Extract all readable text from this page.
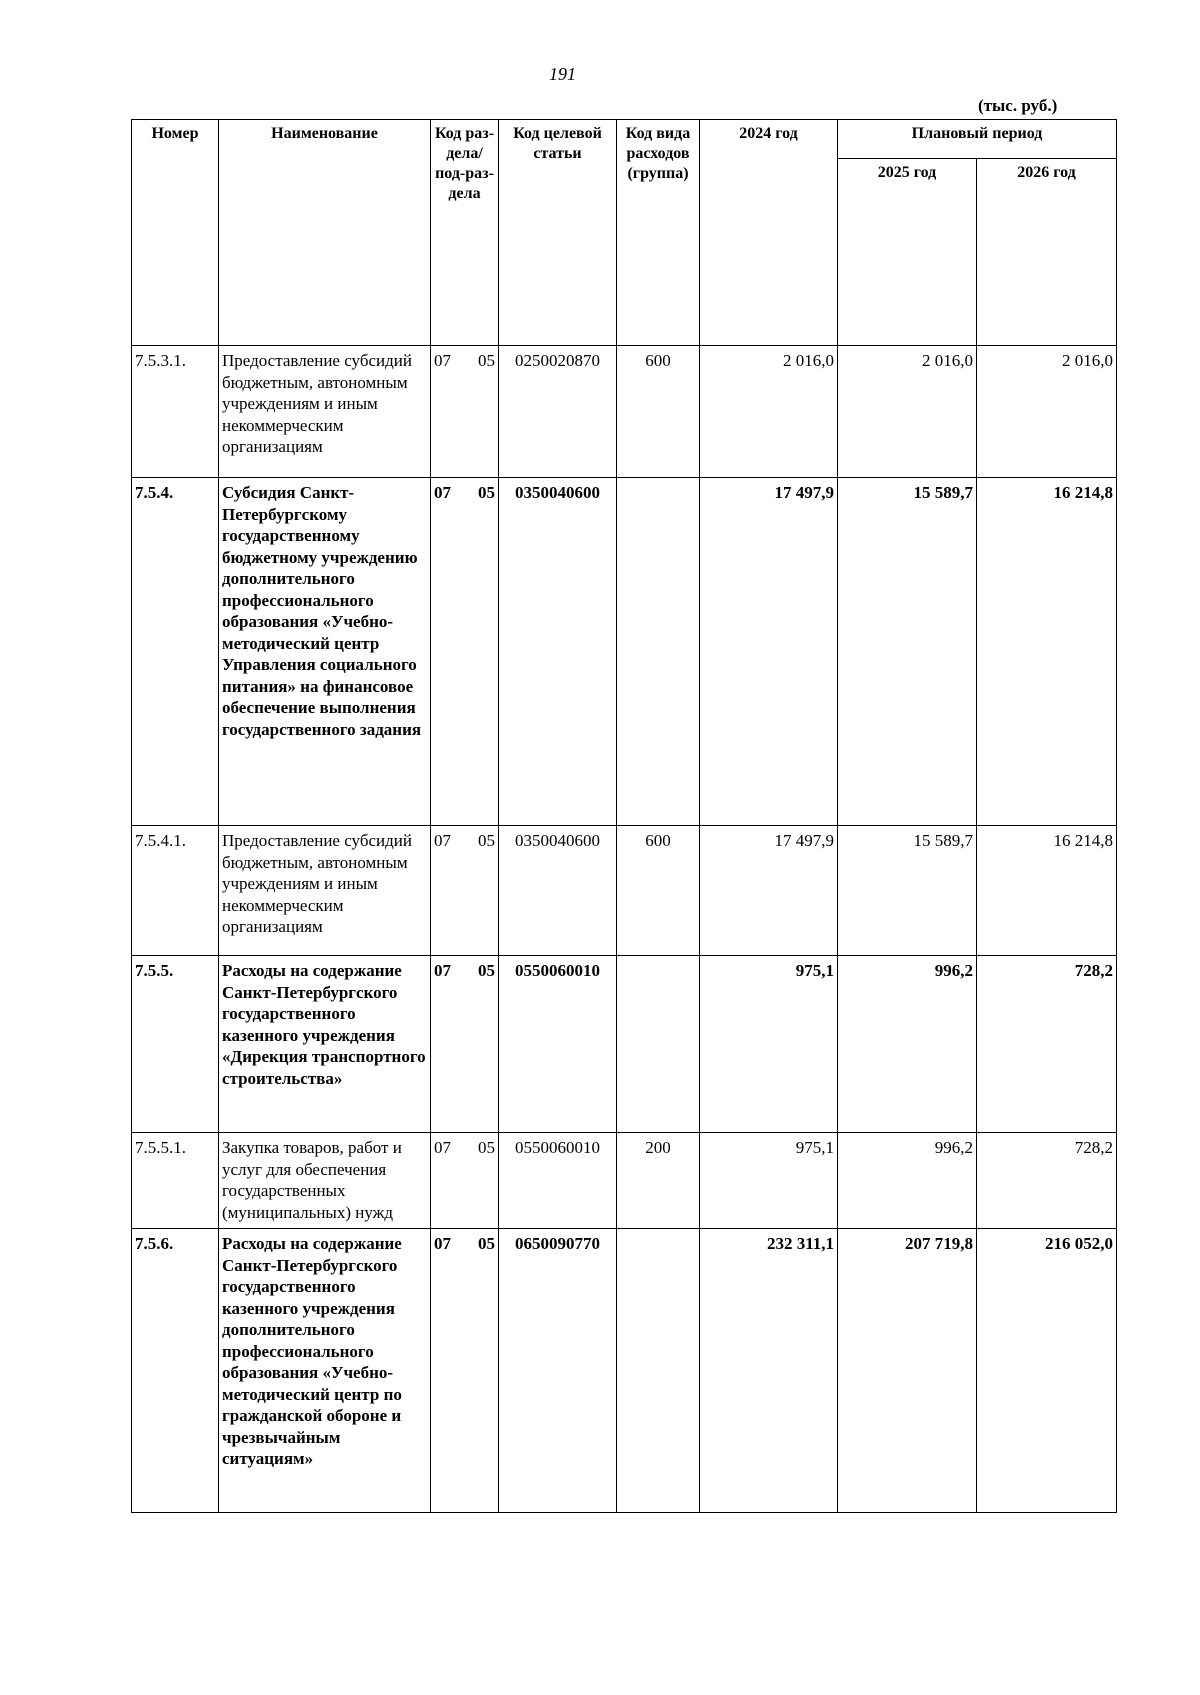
191
(тыс. руб.)
Номер	Наименование	Код раз-дела/ под-раз-дела	Код целевой статьи	Код вида расходов (группа)	2024 год	Плановый период	
						2025 год	2026 год
7.5.3.1.	Предоставление субсидий бюджетным, автономным учреждениям и иным некоммерческим организациям	07 05	0250020870	600	2 016,0	2 016,0	2 016,0
7.5.4.	Субсидия Санкт-Петербургскому государственному бюджетному учреждению дополнительного профессионального образования «Учебно-методический центр Управления социального питания» на финансовое обеспечение выполнения государственного задания	07 05	0350040600		17 497,9	15 589,7	16 214,8
7.5.4.1.	Предоставление субсидий бюджетным, автономным учреждениям и иным некоммерческим организациям	07 05	0350040600	600	17 497,9	15 589,7	16 214,8
7.5.5.	Расходы на содержание Санкт-Петербургского государственного казенного учреждения «Дирекция транспортного строительства»	07 05	0550060010		975,1	996,2	728,2
7.5.5.1.	Закупка товаров, работ и услуг для обеспечения государственных (муниципальных) нужд	07 05	0550060010	200	975,1	996,2	728,2
7.5.6.	Расходы на содержание Санкт-Петербургского государственного казенного учреждения дополнительного профессионального образования «Учебно-методический центр по гражданской обороне и чрезвычайным ситуациям»	07 05	0650090770		232 311,1	207 719,8	216 052,0
